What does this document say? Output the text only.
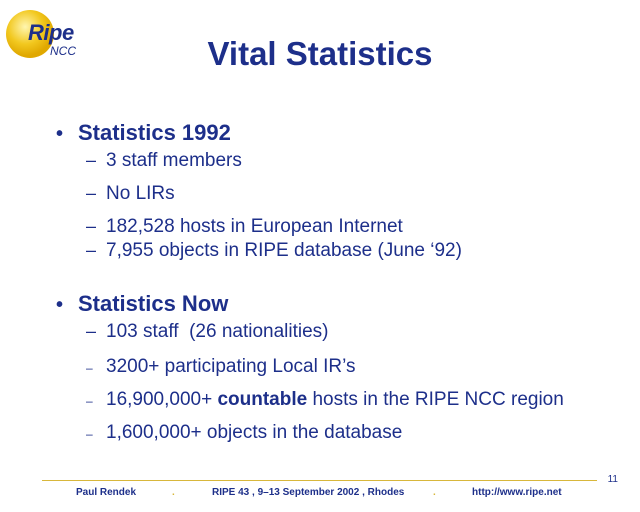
Ripe
NCC	Vital Statistics
• Statistics 1992
– 3 staff members
– No LIRs
– 182,528 hosts in European Internet
– 7,955 objects in RIPE database (June ‘92)
• Statistics Now
– 103 staff  (26 nationalities)
– 3200+ participating Local IR’s
– 16,900,000+ countable hosts in the RIPE NCC region
– 1,600,000+ objects in the database
11
Paul Rendek	.	RIPE 43 , 9–13 September 2002 , Rhodes	.	http://www.ripe.net
